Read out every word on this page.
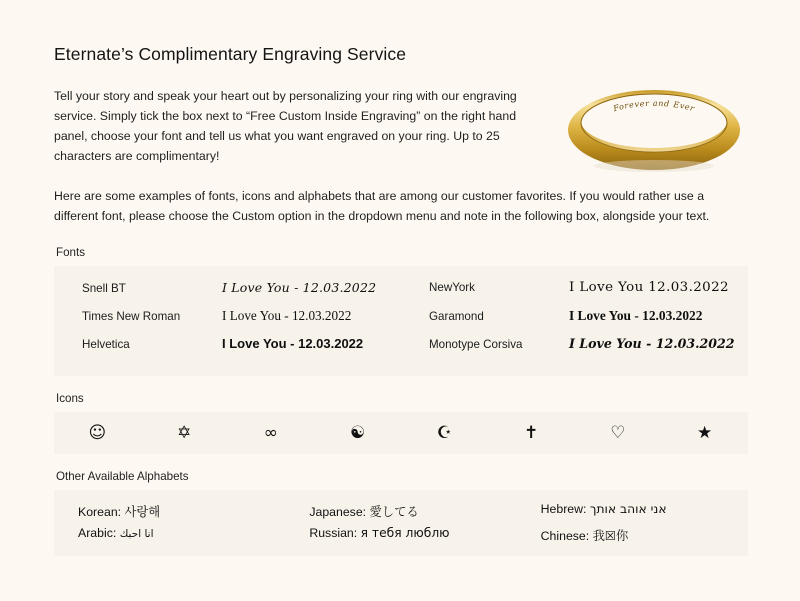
Eternate’s Complimentary Engraving Service

Tell your story and speak your heart out by personalizing your ring with our engraving service. Simply tick the box next to “Free Custom Inside Engraving” on the right hand panel, choose your font and tell us what you want engraved on your ring. Up to 25 characters are complimentary!

Here are some examples of fonts, icons and alphabets that are among our customer favorites. If you would rather use a different font, please choose the Custom option in the dropdown menu and note in the following box, alongside your text.

Forever and Ever
Fonts
Snell BT	I Love You - 12.03.2022	NewYork	I Love You 12.03.2022
Times New Roman	I Love You - 12.03.2022	Garamond	I Love You - 12.03.2022
Helvetica	I Love You - 12.03.2022	Monotype Corsiva	I Love You - 12.03.2022
Icons
☺	✡	∞	☯	☪	✝	♡	★
Other Available Alphabets
Korean: 사랑해	Japanese: 愛してる	Hebrew: אני אוהב אותך
Arabic: انا احبك	Russian: я тебя люблю	Chinese: 我☒你
